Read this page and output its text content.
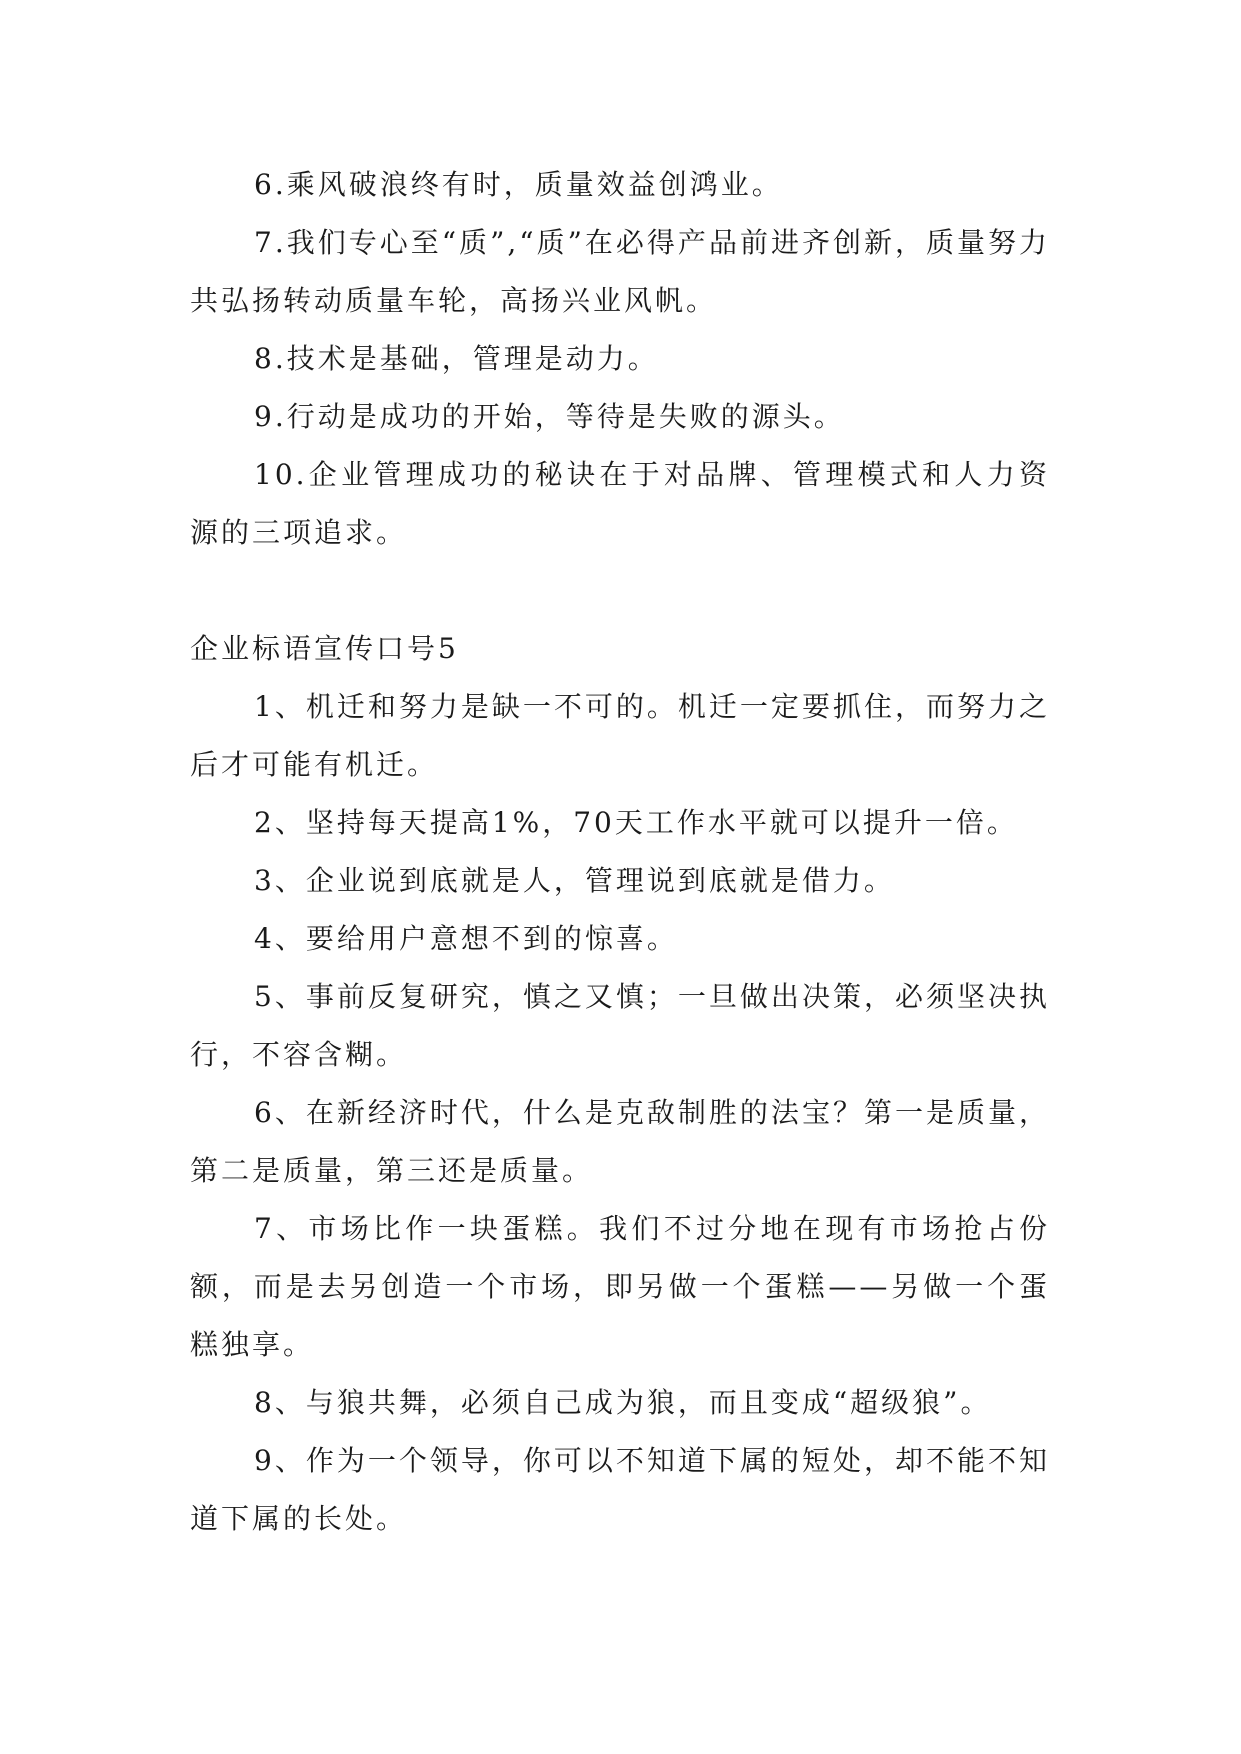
6.乘风破浪终有时，质量效益创鸿业。

7.我们专心至“质”,“质”在必得产品前进齐创新，质量努力共弘扬转动质量车轮，高扬兴业风帆。

8.技术是基础，管理是动力。

9.行动是成功的开始，等待是失败的源头。

10.企业管理成功的秘诀在于对品牌、管理模式和人力资源的三项追求。

企业标语宣传口号5

1、机迁和努力是缺一不可的。机迁一定要抓住，而努力之后才可能有机迁。

2、坚持每天提高1%，70天工作水平就可以提升一倍。

3、企业说到底就是人，管理说到底就是借力。

4、要给用户意想不到的惊喜。

5、事前反复研究，慎之又慎；一旦做出决策，必须坚决执行，不容含糊。

6、在新经济时代，什么是克敌制胜的法宝？第一是质量，第二是质量，第三还是质量。

7、市场比作一块蛋糕。我们不过分地在现有市场抢占份额，而是去另创造一个市场，即另做一个蛋糕——另做一个蛋糕独享。

8、与狼共舞，必须自己成为狼，而且变成“超级狼”。

9、作为一个领导，你可以不知道下属的短处，却不能不知道下属的长处。
